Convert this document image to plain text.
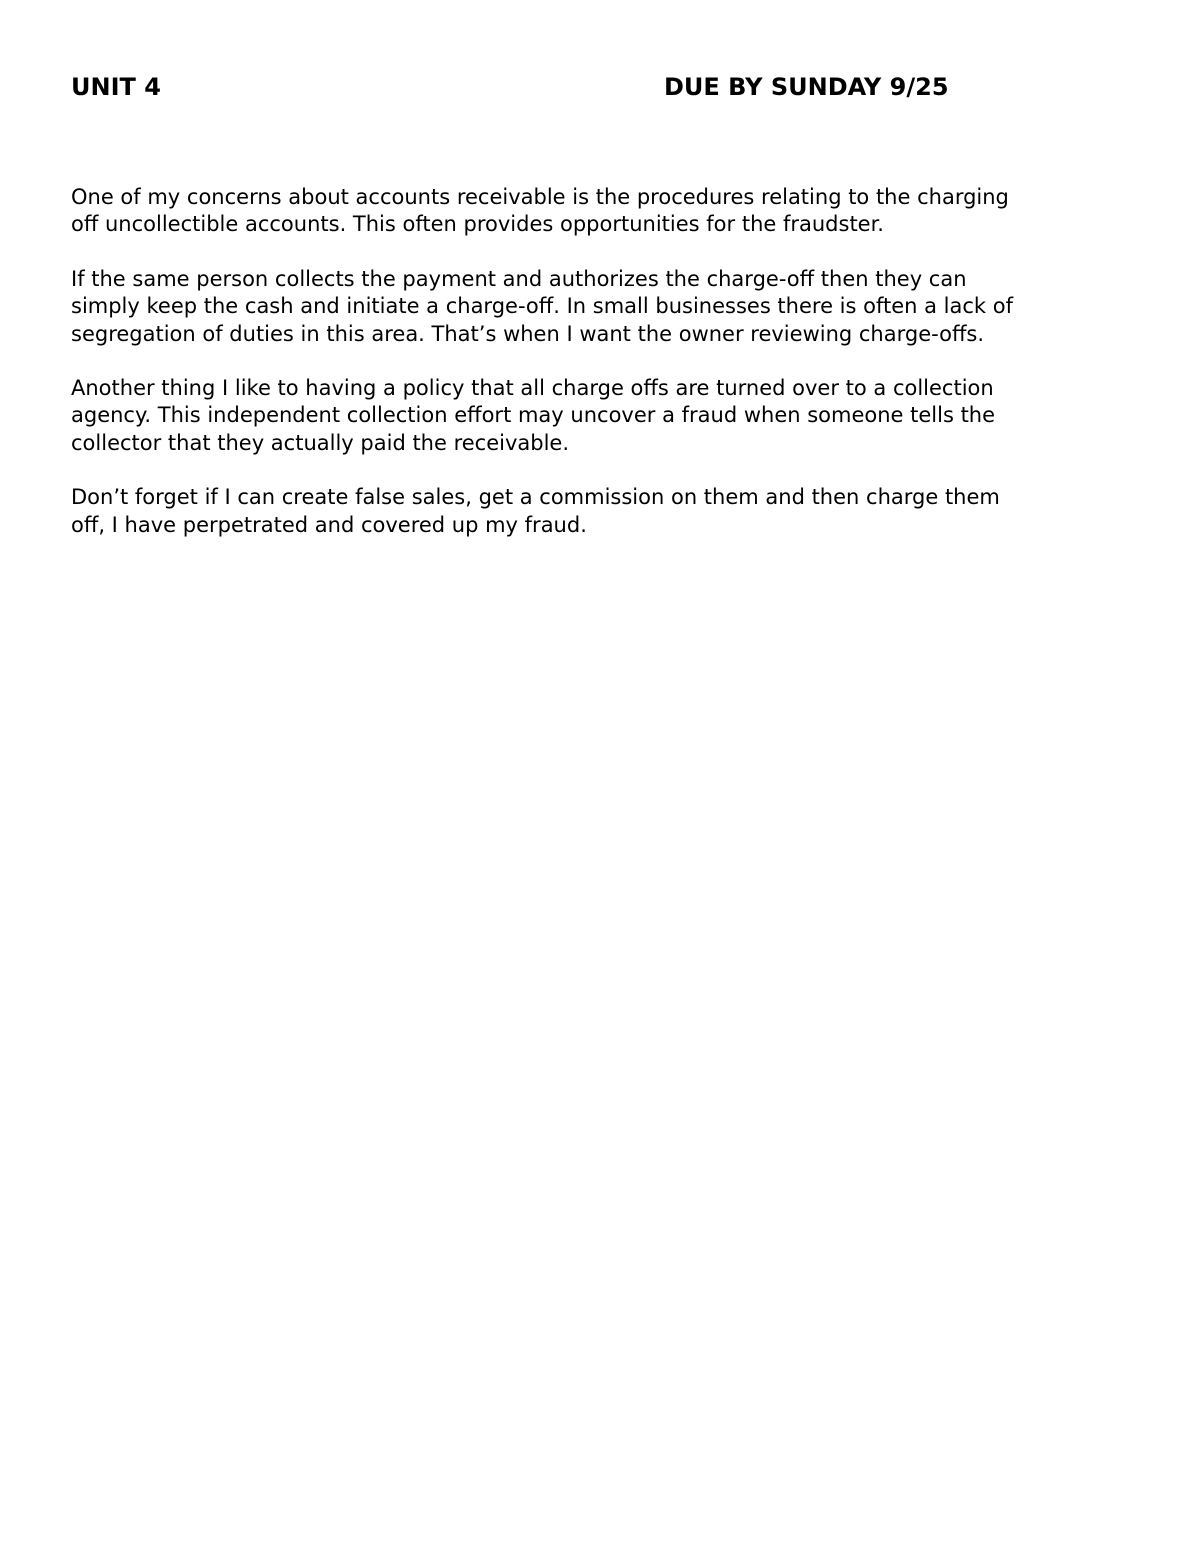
UNIT 4	DUE BY SUNDAY 9/25

One of my concerns about accounts receivable is the procedures relating to the charging
off uncollectible accounts. This often provides opportunities for the fraudster.

If the same person collects the payment and authorizes the charge-off then they can
simply keep the cash and initiate a charge-off. In small businesses there is often a lack of
segregation of duties in this area. That’s when I want the owner reviewing charge-offs.

Another thing I like to having a policy that all charge offs are turned over to a collection
agency. This independent collection effort may uncover a fraud when someone tells the
collector that they actually paid the receivable.

Don’t forget if I can create false sales, get a commission on them and then charge them
off, I have perpetrated and covered up my fraud.
